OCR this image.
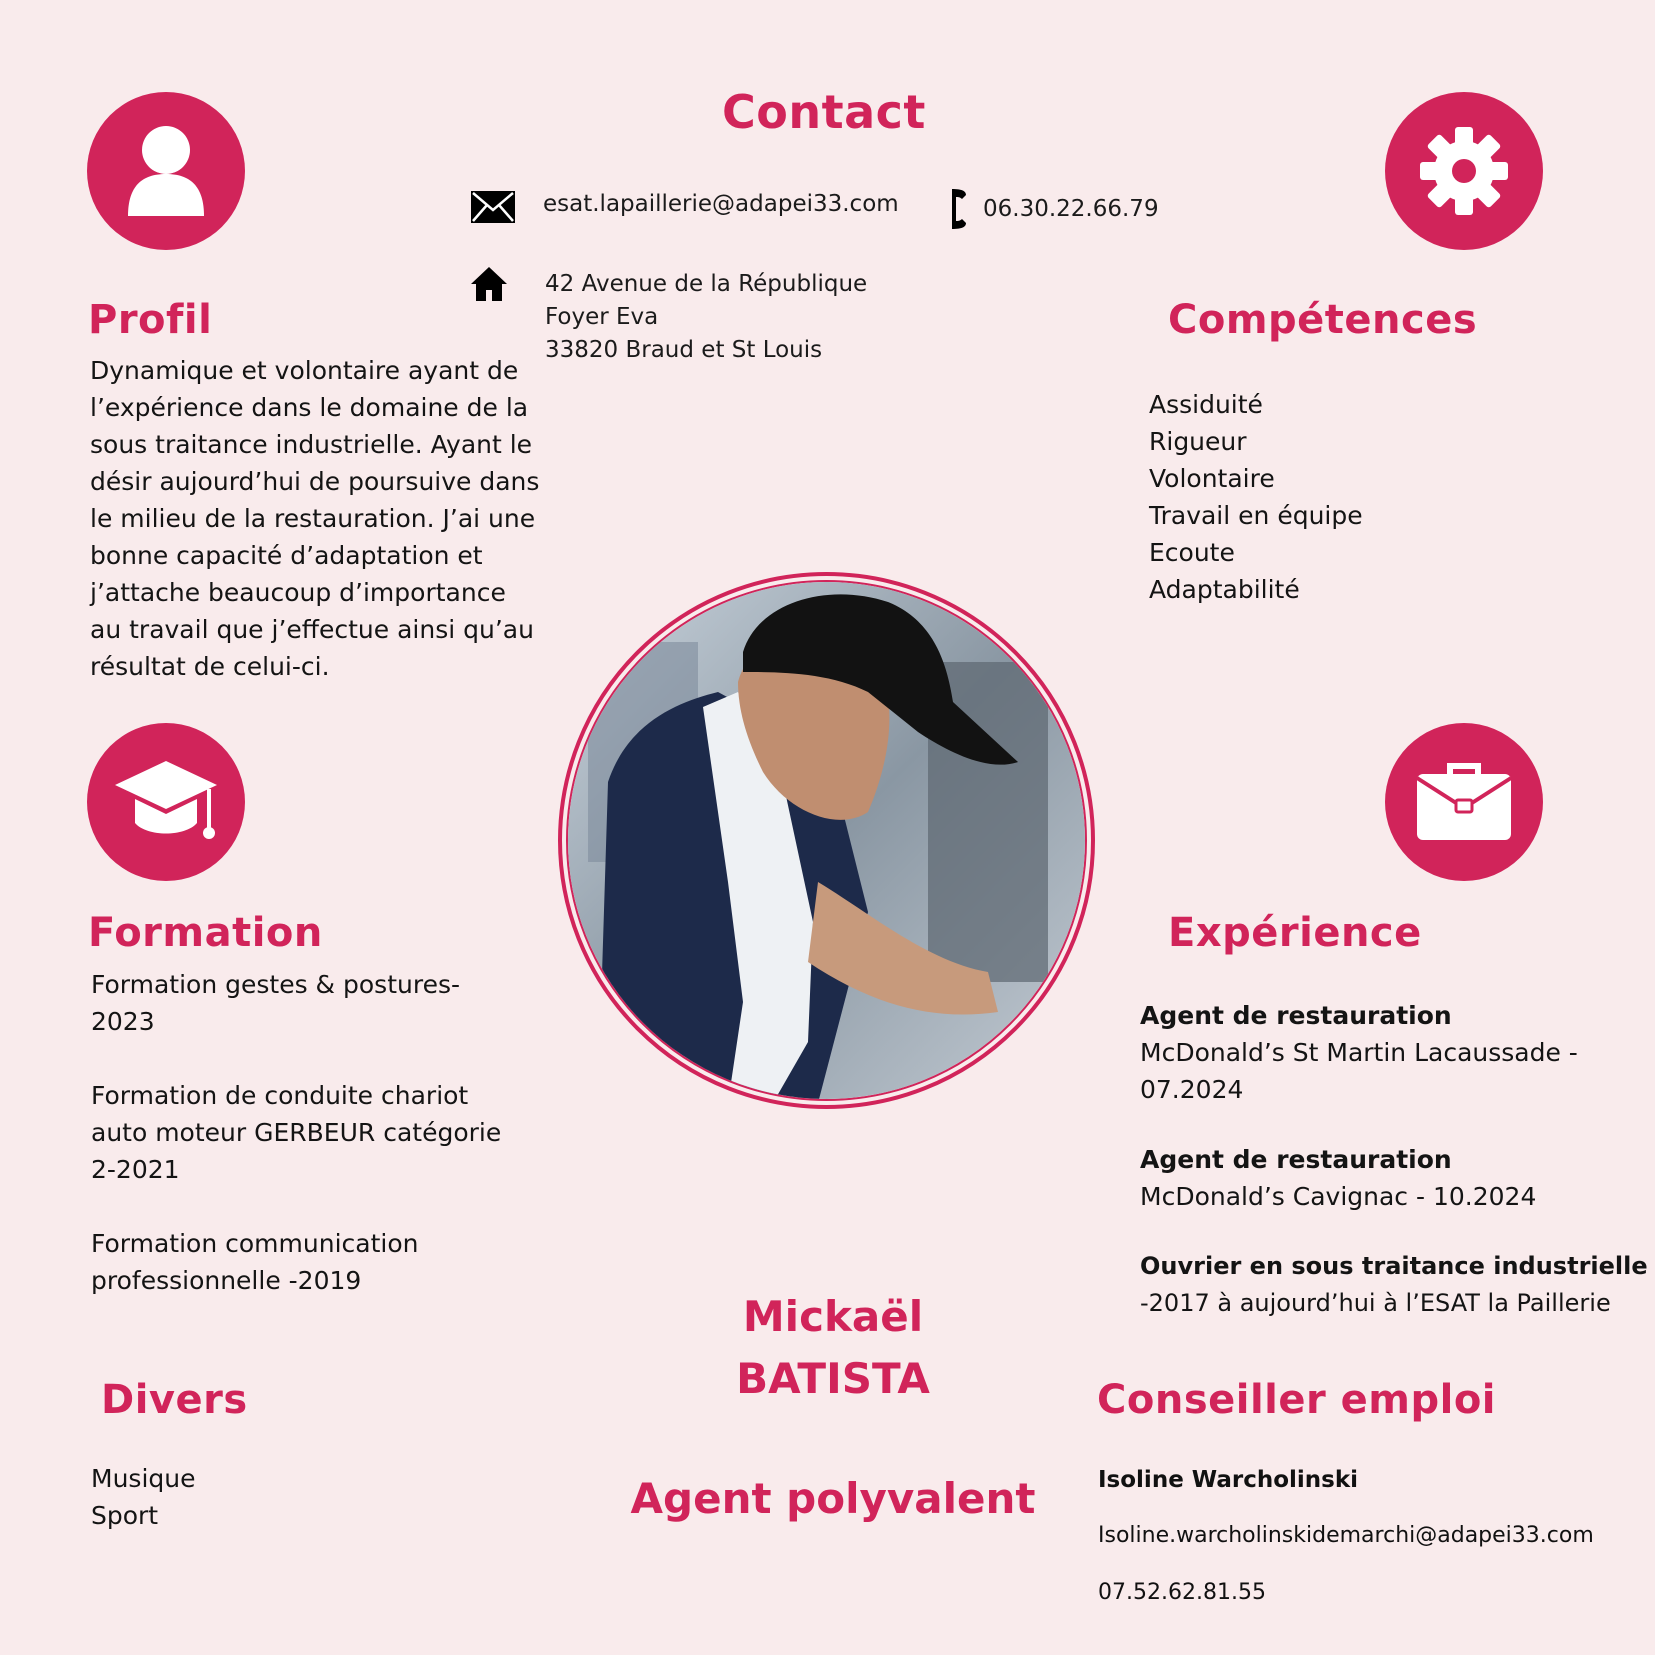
Contact
esat.lapaillerie@adapei33.com	06.30.22.66.79
42 Avenue de la République
Foyer Eva
33820 Braud et St Louis
Profil
Dynamique et volontaire ayant de
l’expérience dans le domaine de la
sous traitance industrielle. Ayant le
désir aujourd’hui de poursuive dans
le milieu de la restauration. J’ai une
bonne capacité d’adaptation et
j’attache beaucoup d’importance
au travail que j’effectue ainsi qu’au
résultat de celui-ci.
Compétences
Assiduité
Rigueur
Volontaire
Travail en équipe
Ecoute
Adaptabilité
Formation
Formation gestes & postures-
2023
Formation de conduite chariot
auto moteur GERBEUR catégorie
2-2021
Formation communication
professionnelle -2019
Expérience
Agent de restauration
McDonald’s St Martin Lacaussade -
07.2024
Agent de restauration
McDonald’s Cavignac - 10.2024
Ouvrier en sous traitance industrielle
-2017 à aujourd’hui à l’ESAT la Paillerie
Mickaël
BATISTA
Agent polyvalent
Divers
Musique
Sport
Conseiller emploi
Isoline Warcholinski
Isoline.warcholinskidemarchi@adapei33.com
07.52.62.81.55
